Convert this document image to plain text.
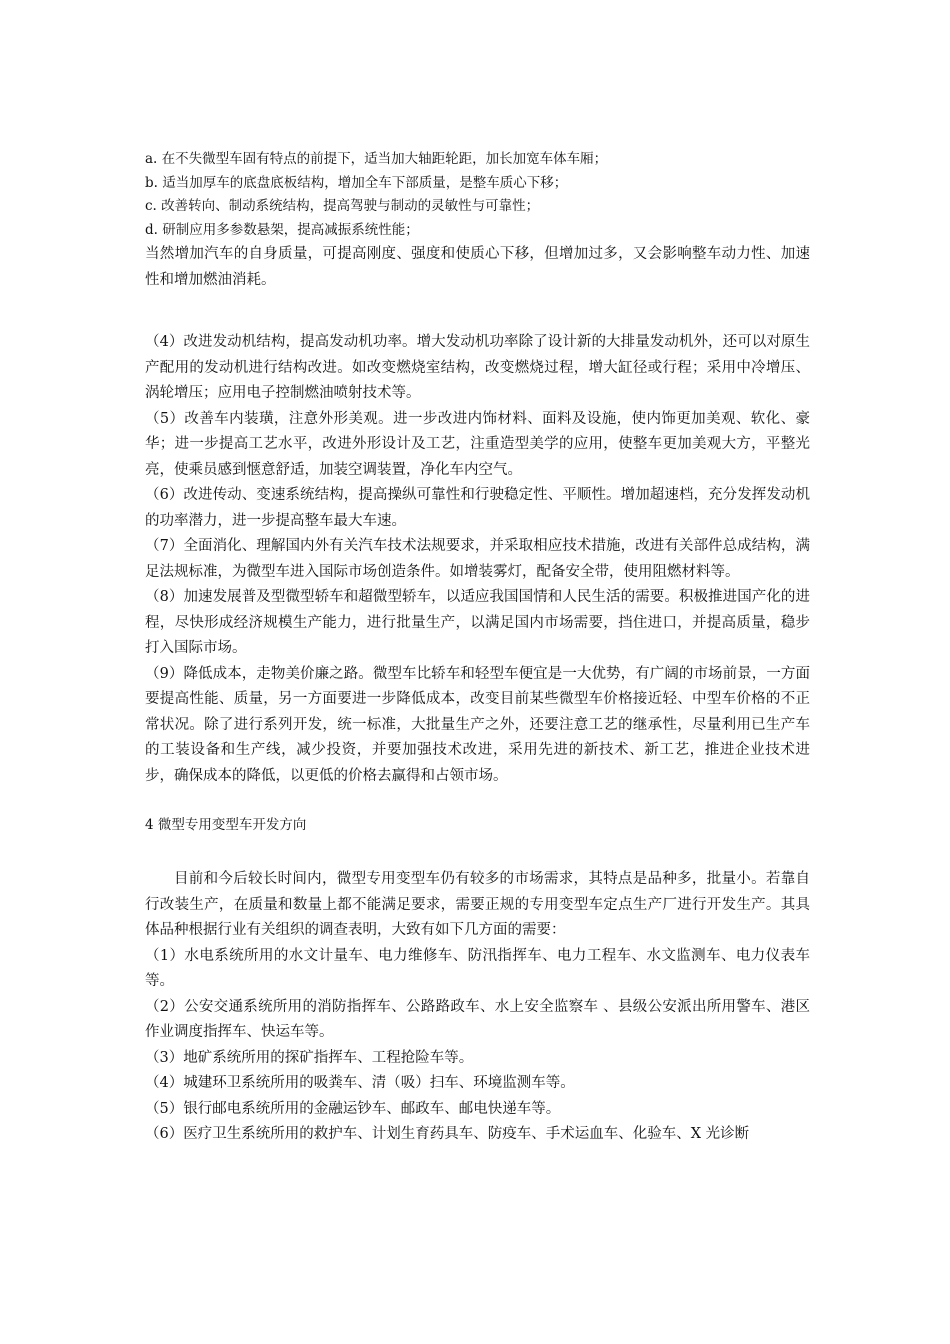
a. 在不失微型车固有特点的前提下，适当加大轴距轮距，加长加宽车体车厢；

b. 适当加厚车的底盘底板结构，增加全车下部质量，是整车质心下移；

c. 改善转向、制动系统结构，提高驾驶与制动的灵敏性与可靠性；

d. 研制应用多参数悬架，提高减振系统性能；

当然增加汽车的自身质量，可提高刚度、强度和使质心下移，但增加过多，又会影响整车动力性、加速性和增加燃油消耗。

（4）改进发动机结构，提高发动机功率。增大发动机功率除了设计新的大排量发动机外，还可以对原生产配用的发动机进行结构改进。如改变燃烧室结构，改变燃烧过程，增大缸径或行程；采用中冷增压、涡轮增压；应用电子控制燃油喷射技术等。

（5）改善车内装璜，注意外形美观。进一步改进内饰材料、面料及设施，使内饰更加美观、软化、豪华；进一步提高工艺水平，改进外形设计及工艺，注重造型美学的应用，使整车更加美观大方，平整光亮，使乘员感到惬意舒适，加装空调装置，净化车内空气。

（6）改进传动、变速系统结构，提高操纵可靠性和行驶稳定性、平顺性。增加超速档，充分发挥发动机的功率潜力，进一步提高整车最大车速。

（7）全面消化、理解国内外有关汽车技术法规要求，并采取相应技术措施，改进有关部件总成结构，满足法规标准，为微型车进入国际市场创造条件。如增装雾灯，配备安全带，使用阻燃材料等。

（8）加速发展普及型微型轿车和超微型轿车，以适应我国国情和人民生活的需要。积极推进国产化的进程，尽快形成经济规模生产能力，进行批量生产，以满足国内市场需要，挡住进口，并提高质量，稳步打入国际市场。

（9）降低成本，走物美价廉之路。微型车比轿车和轻型车便宜是一大优势，有广阔的市场前景，一方面要提高性能、质量，另一方面要进一步降低成本，改变目前某些微型车价格接近轻、中型车价格的不正常状况。除了进行系列开发，统一标准，大批量生产之外，还要注意工艺的继承性，尽量利用已生产车的工装设备和生产线，减少投资，并要加强技术改进，采用先进的新技术、新工艺，推进企业技术进步，确保成本的降低，以更低的价格去赢得和占领市场。

4 微型专用变型车开发方向

目前和今后较长时间内，微型专用变型车仍有较多的市场需求，其特点是品种多，批量小。若靠自行改装生产，在质量和数量上都不能满足要求，需要正规的专用变型车定点生产厂进行开发生产。其具体品种根据行业有关组织的调查表明，大致有如下几方面的需要：

（1）水电系统所用的水文计量车、电力维修车、防汛指挥车、电力工程车、水文监测车、电力仪表车等。

（2）公安交通系统所用的消防指挥车、公路路政车、水上安全监察车 、县级公安派出所用警车、港区作业调度指挥车、快运车等。

（3）地矿系统所用的探矿指挥车、工程抢险车等。

（4）城建环卫系统所用的吸粪车、清（吸）扫车、环境监测车等。

（5）银行邮电系统所用的金融运钞车、邮政车、邮电快递车等。

（6）医疗卫生系统所用的救护车、计划生育药具车、防疫车、手术运血车、化验车、X 光诊断
